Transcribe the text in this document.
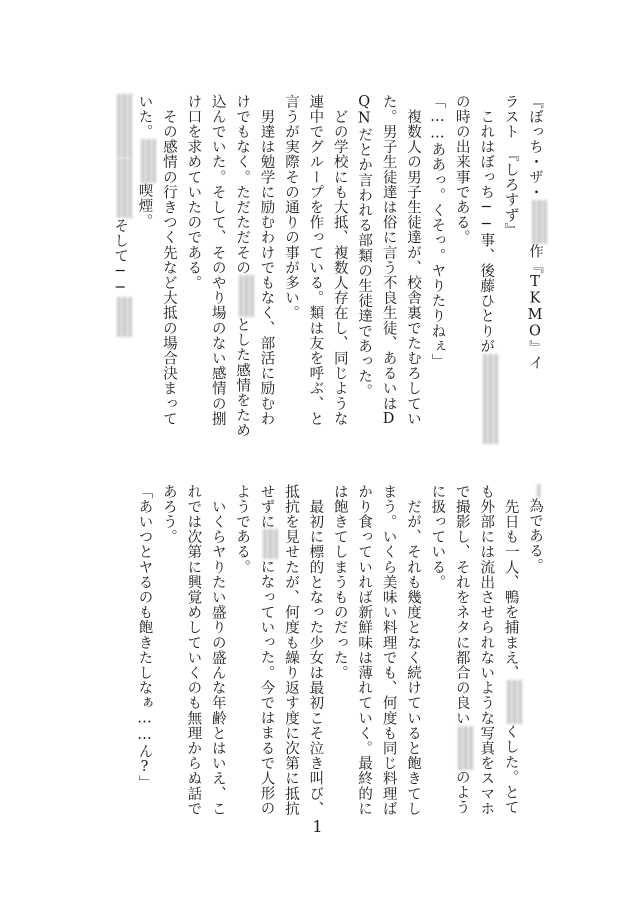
『ぼっち・ザ・作『TKMO』イ
ラスト　『しろすず』
　これはぼっち──事、後藤ひとりが
の時の出来事である。
「……ああっ。くそっ。ヤりたりねぇ」
　複数人の男子生徒達が、校舎裏でたむろしてい
た。男子生徒達は俗に言う不良生徒、あるいはD
QNだとか言われる部類の生徒達であった。
　どの学校にも大抵、複数人存在し、同じような
連中でグループを作っている。類は友を呼ぶ、と
言うが実際その通りの事が多い。
　男達は勉学に励むわけでもなく、部活に励むわ
けでもなく。ただただそのとした感情をため
込んでいた。そして、そのやり場のない感情の捌
け口を求めていたのである。
　その感情の行きつく先など大抵の場合決まって
いた。喫煙。
そして──
為である。
　先日も一人、鴨を捕まえ、くした。とて
も外部には流出させられないような写真をスマホ
で撮影し、それをネタに都合の良いのよう
に扱っている。
　だが、それも幾度となく続けていると飽きてし
まう。いくら美味い料理でも、何度も同じ料理ば
かり食っていれば新鮮味は薄れていく。最終的に
は飽きてしまうものだった。
　最初に標的となった少女は最初こそ泣き叫び、
抵抗を見せたが、何度も繰り返す度に次第に抵抗
せずにになっていった。今ではまるで人形の
ようである。
　いくらヤりたい盛りの盛んな年齢とはいえ、こ
れでは次第に興覚めしていくのも無理からぬ話で
あろう。
「あいつとヤるのも飽きたしなぁ……ん?」
1
